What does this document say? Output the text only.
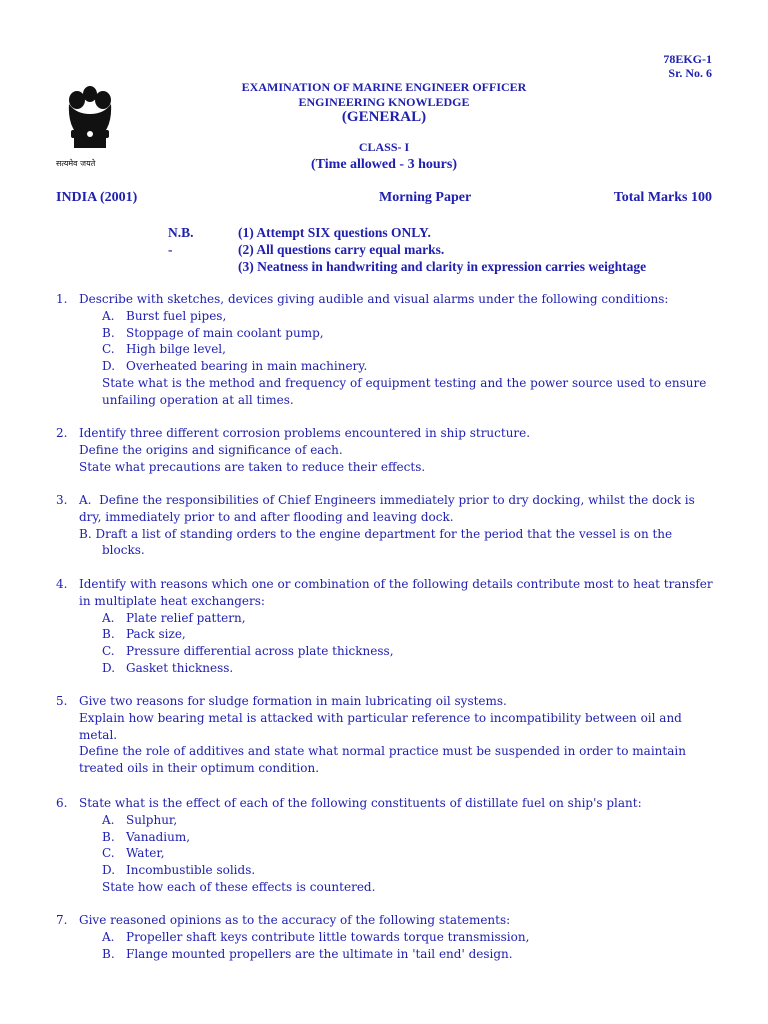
78EKG-1
Sr. No. 6
सत्यमेव जयते
EXAMINATION OF MARINE ENGINEER OFFICER
ENGINEERING KNOWLEDGE
(GENERAL)
CLASS- I
(Time allowed - 3 hours)
INDIA (2001)	Morning Paper	Total Marks 100
N.B. -
(1) Attempt SIX questions ONLY.
(2) All questions carry equal marks.
(3) Neatness in handwriting and clarity in expression carries weightage
1. Describe with sketches, devices giving audible and visual alarms under the following conditions:
A. Burst fuel pipes,
B. Stoppage of main coolant pump,
C. High bilge level,
D. Overheated bearing in main machinery.
State what is the method and frequency of equipment testing and the power source used to ensure unfailing operation at all times.
2. Identify three different corrosion problems encountered in ship structure.
Define the origins and significance of each.
State what precautions are taken to reduce their effects.
3. A. Define the responsibilities of Chief Engineers immediately prior to dry docking, whilst the dock is dry, immediately prior to and after flooding and leaving dock.
B. Draft a list of standing orders to the engine department for the period that the vessel is on the blocks.
4. Identify with reasons which one or combination of the following details contribute most to heat transfer in multiplate heat exchangers:
A. Plate relief pattern,
B. Pack size,
C. Pressure differential across plate thickness,
D. Gasket thickness.
5. Give two reasons for sludge formation in main lubricating oil systems.
Explain how bearing metal is attacked with particular reference to incompatibility between oil and metal.
Define the role of additives and state what normal practice must be suspended in order to maintain treated oils in their optimum condition.
6. State what is the effect of each of the following constituents of distillate fuel on ship's plant:
A. Sulphur,
B. Vanadium,
C. Water,
D. Incombustible solids.
State how each of these effects is countered.
7. Give reasoned opinions as to the accuracy of the following statements:
A. Propeller shaft keys contribute little towards torque transmission,
B. Flange mounted propellers are the ultimate in 'tail end' design.
